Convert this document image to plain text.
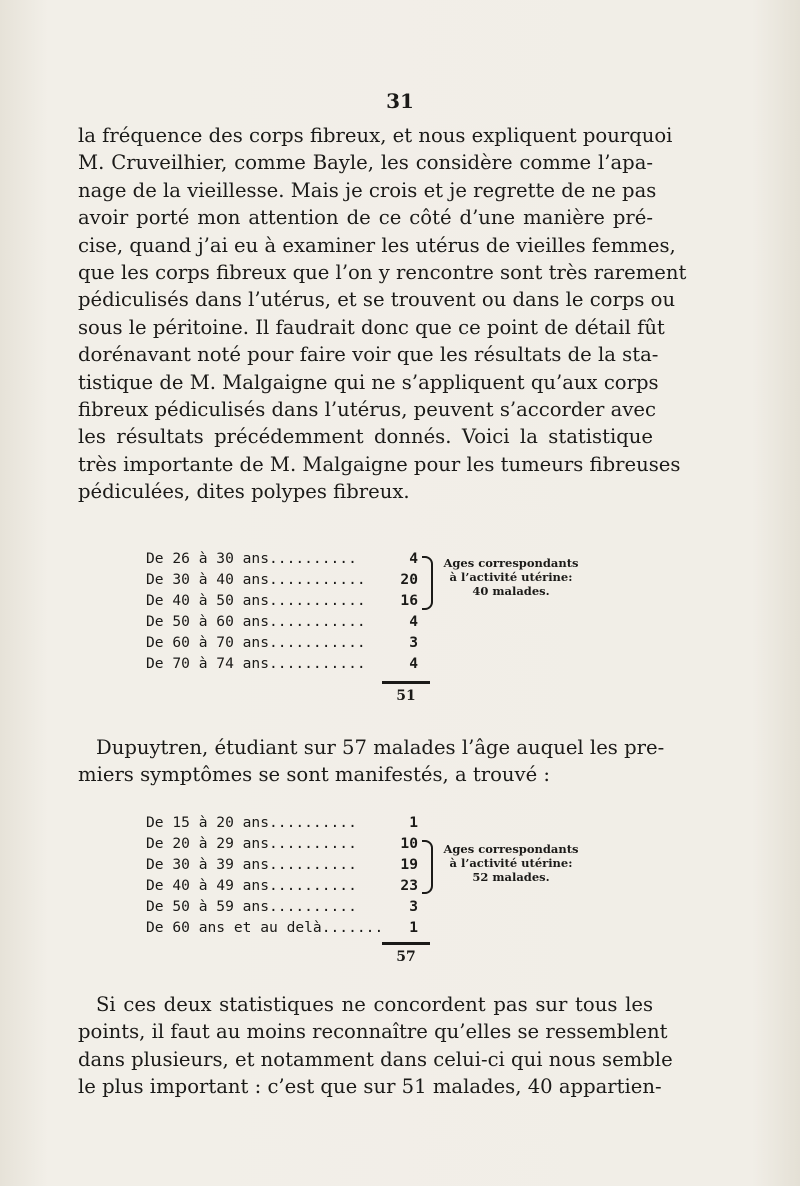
31
la fréquence des corps fibreux, et nous expliquent pourquoi
M. Cruveilhier, comme Bayle, les considère comme l’apa-
nage de la vieillesse. Mais je crois et je regrette de ne pas
avoir porté mon attention de ce côté d’une manière pré-
cise, quand j’ai eu à examiner les utérus de vieilles femmes,
que les corps fibreux que l’on y rencontre sont très rarement
pédiculisés dans l’utérus, et se trouvent ou dans le corps ou
sous le péritoine. Il faudrait donc que ce point de détail fût
dorénavant noté pour faire voir que les résultats de la sta-
tistique de M. Malgaigne qui ne s’appliquent qu’aux corps
fibreux pédiculisés dans l’utérus, peuvent s’accorder avec
les résultats précédemment donnés. Voici la statistique
très importante de M. Malgaigne pour les tumeurs fibreuses
pédiculées, dites polypes fibreux.
De 26 à 30 ans..........	4
De 30 à 40 ans...........	20
De 40 à 50 ans...........	16
De 50 à 60 ans...........	4
De 60 à 70 ans...........	3
De 70 à 74 ans...........	4
Ages correspondants
à l’activité utérine:
40 malades.
51
Dupuytren, étudiant sur 57 malades l’âge auquel les pre-
miers symptômes se sont manifestés, a trouvé :
De 15 à 20 ans..........	1
De 20 à 29 ans..........	10
De 30 à 39 ans..........	19
De 40 à 49 ans..........	23
De 50 à 59 ans..........	3
De 60 ans et au delà.......	1
Ages correspondants
à l’activité utérine:
52 malades.
57
Si ces deux statistiques ne concordent pas sur tous les
points, il faut au moins reconnaître qu’elles se ressemblent
dans plusieurs, et notamment dans celui-ci qui nous semble
le plus important : c’est que sur 51 malades, 40 appartien-
